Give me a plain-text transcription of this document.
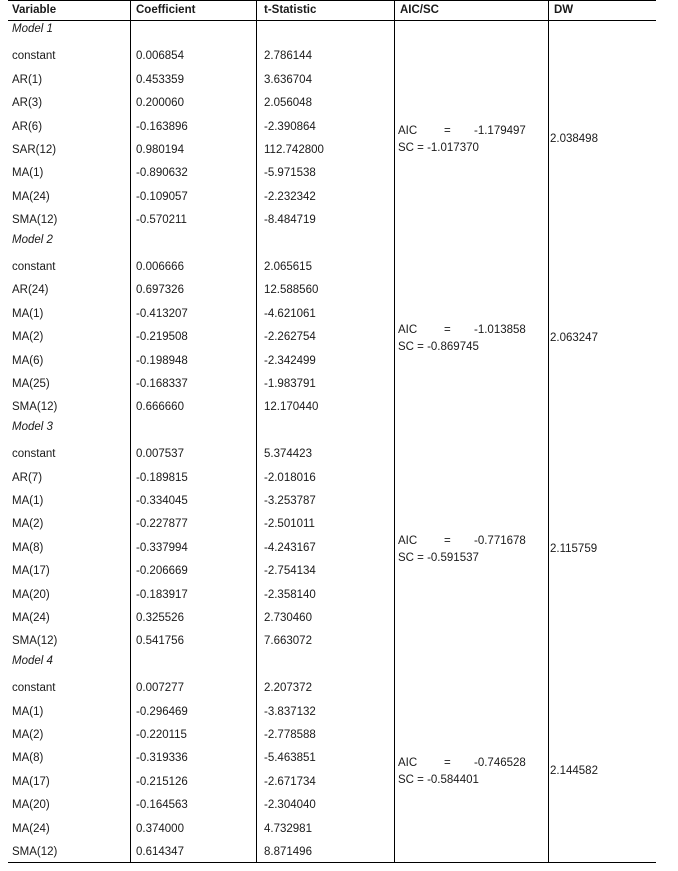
Variable	Coefficient	t-Statistic	AIC/SC	DW
Model 1
constant	0.006854	2.786144
AR(1)	0.453359	3.636704
AR(3)	0.200060	2.056048
AR(6)	-0.163896	-2.390864
SAR(12)	0.980194	112.742800
MA(1)	-0.890632	-5.971538
MA(24)	-0.109057	-2.232342
SMA(12)	-0.570211	-8.484719
AIC = -1.179497
SC = -1.017370
2.038498
Model 2
constant	0.006666	2.065615
AR(24)	0.697326	12.588560
MA(1)	-0.413207	-4.621061
MA(2)	-0.219508	-2.262754
MA(6)	-0.198948	-2.342499
MA(25)	-0.168337	-1.983791
SMA(12)	0.666660	12.170440
AIC = -1.013858
SC = -0.869745
2.063247
Model 3
constant	0.007537	5.374423
AR(7)	-0.189815	-2.018016
MA(1)	-0.334045	-3.253787
MA(2)	-0.227877	-2.501011
MA(8)	-0.337994	-4.243167
MA(17)	-0.206669	-2.754134
MA(20)	-0.183917	-2.358140
MA(24)	0.325526	2.730460
SMA(12)	0.541756	7.663072
AIC = -0.771678
SC = -0.591537
2.115759
Model 4
constant	0.007277	2.207372
MA(1)	-0.296469	-3.837132
MA(2)	-0.220115	-2.778588
MA(8)	-0.319336	-5.463851
MA(17)	-0.215126	-2.671734
MA(20)	-0.164563	-2.304040
MA(24)	0.374000	4.732981
SMA(12)	0.614347	8.871496
AIC = -0.746528
SC = -0.584401
2.144582
